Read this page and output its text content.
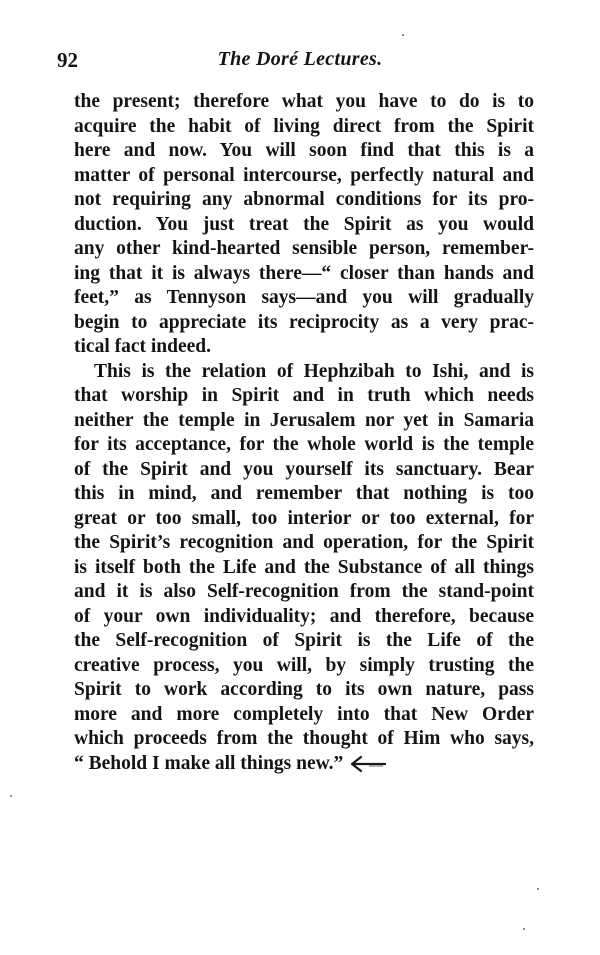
92	The Doré Lectures.
the present; therefore what you have to do is to
acquire the habit of living direct from the Spirit
here and now. You will soon find that this is a
matter of personal intercourse, perfectly natural and
not requiring any abnormal conditions for its pro-
duction. You just treat the Spirit as you would
any other kind-hearted sensible person, remember-
ing that it is always there—“ closer than hands and
feet,” as Tennyson says—and you will gradually
begin to appreciate its reciprocity as a very prac-
tical fact indeed.
This is the relation of Hephzibah to Ishi, and is
that worship in Spirit and in truth which needs
neither the temple in Jerusalem nor yet in Samaria
for its acceptance, for the whole world is the temple
of the Spirit and you yourself its sanctuary. Bear
this in mind, and remember that nothing is too
great or too small, too interior or too external, for
the Spirit’s recognition and operation, for the Spirit
is itself both the Life and the Substance of all things
and it is also Self-recognition from the stand-point
of your own individuality; and therefore, because
the Self-recognition of Spirit is the Life of the
creative process, you will, by simply trusting the
Spirit to work according to its own nature, pass
more and more completely into that New Order
which proceeds from the thought of Him who says,
“ Behold I make all things new.”
